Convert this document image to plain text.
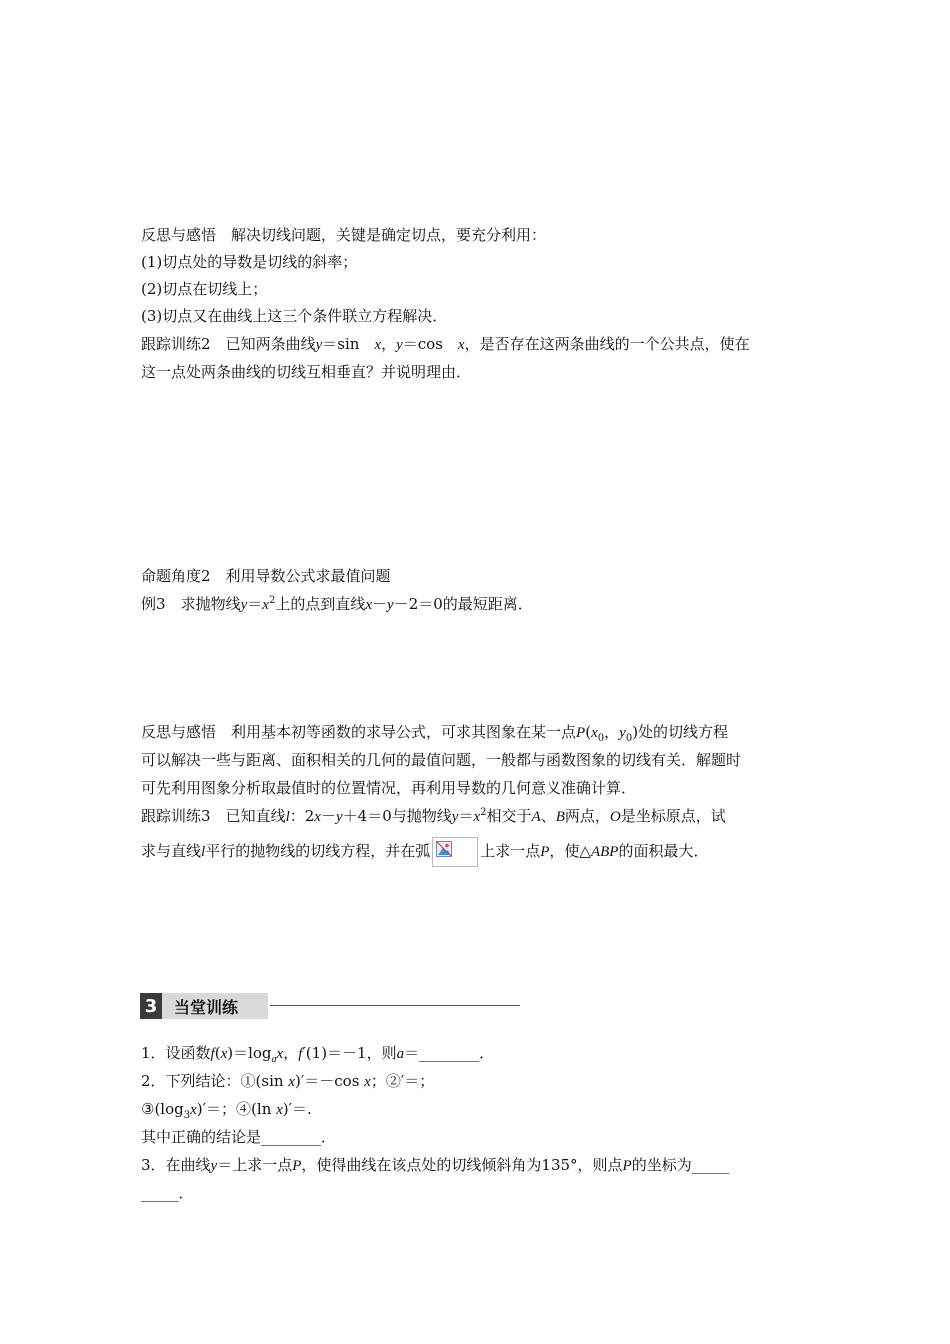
反思与感悟　 解决切线问题，关键是确定切点，要充分利用：
(1)切点处的导数是切线的斜率；
(2)切点在切线上；
(3)切点又在曲线上这三个条件联立方程解决．
跟踪训练2　 已知两条曲线y＝sin　x，y＝cos　x，是否存在这两条曲线的一个公共点，使在
这一点处两条曲线的切线互相垂直？并说明理由．
命题角度2　利用导数公式求最值问题
例3　 求抛物线$y=x^2$上的点到直线x－y－2＝0的最短距离．
反思与感悟　 利用基本初等函数的求导公式，可求其图象在某一点$P(x_0$，$y_0$)处的切线方程
可以解决一些与距离、面积相关的几何的最值问题，一般都与函数图象的切线有关．解题时
可先利用图象分析取最值时的位置情况，再利用导数的几何意义准确计算．
跟踪训练3　 已知直线l：2x－y＋4＝0与抛物线$y=x^2$相交于A、B两点，O是坐标原点，试
求与直线l平行的抛物线的切线方程，并在弧	上求一点P，使△ABP的面积最大．
3 当堂训练
1．设函数$f(x)=\log_ax$，f′(1)＝－1，则a＝________．
2．下列结论：①(sin x)′＝－cos x；②′＝；
$③(\log_3x)'=$；④(ln x)′＝.
其中正确的结论是________．
3．在曲线y＝上求一点P，使得曲线在该点处的切线倾斜角为135°，则点P的坐标为_____
_____．
